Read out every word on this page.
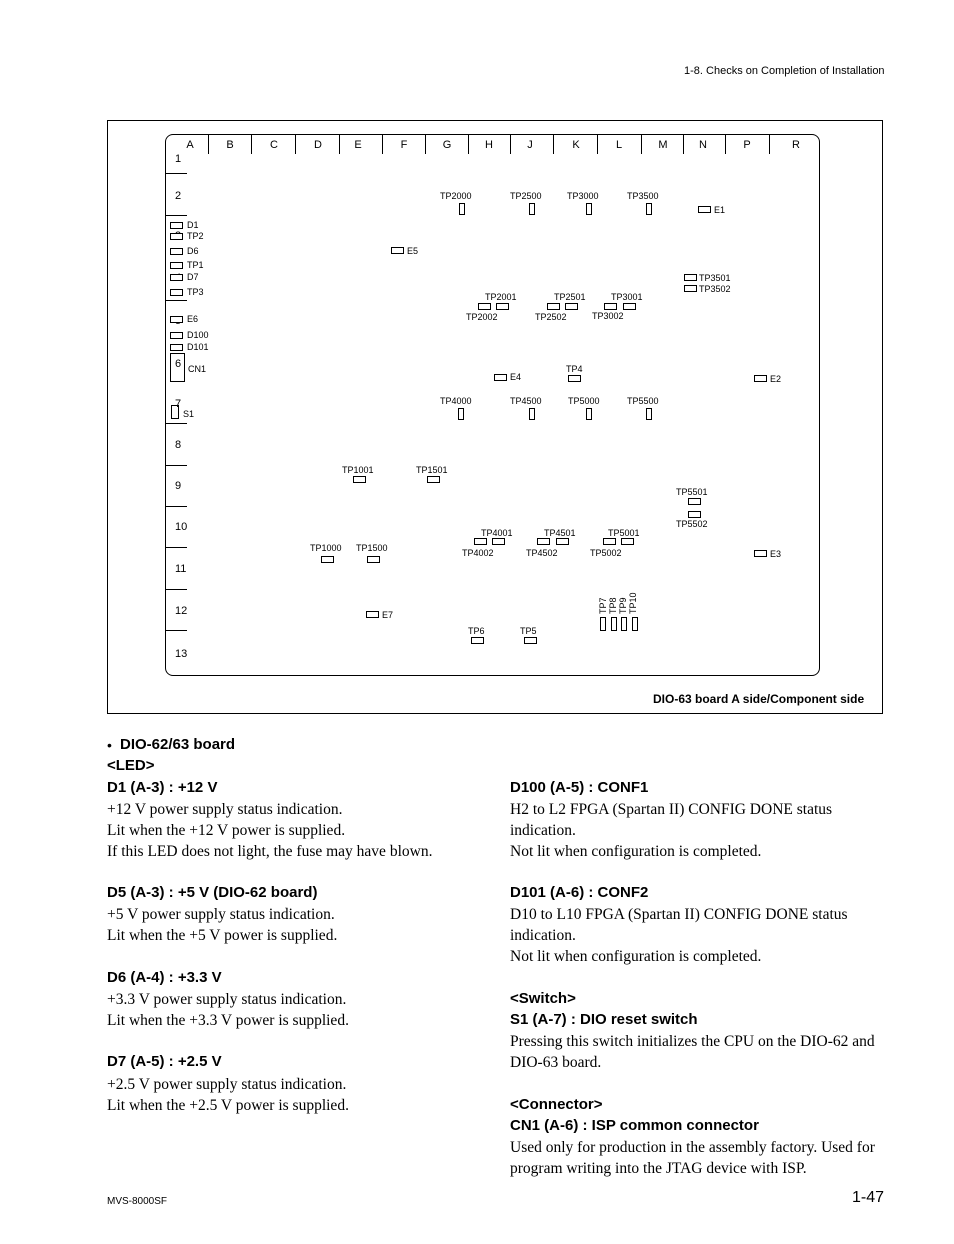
1-8. Checks on Completion of Installation
A	B	C	D	E	F	G	H	J	K	L	M	N	P	R
1
2
6
7
8
9
10
11
12
13
D1
TP2
D6
TP1
D7
TP3
E6
D100
D101
CN1
S1
TP2000	TP2500	TP3000	TP3500
E1
E5
TP3501
TP3502
TP2001
TP2002
TP2501
TP2502
TP3001
TP3002
E4
TP4
E2
TP4000	TP4500	TP5000	TP5500
TP1001	TP1501
TP5501
TP5502
TP4001
TP4002
TP4501
TP4502
TP5001
TP5002
TP1000 TP1500
E3
TP7 TP8 TP9 TP10
E7
TP6	TP5
DIO-63 board A side/Component side
• DIO-62/63 board
<LED>
D1 (A-3) : +12 V
+12 V power supply status indication.
Lit when the +12 V power is supplied.
If this LED does not light, the fuse may have blown.
D5 (A-3) : +5 V (DIO-62 board)
+5 V power supply status indication.
Lit when the +5 V power is supplied.
D6 (A-4) : +3.3 V
+3.3 V power supply status indication.
Lit when the +3.3 V power is supplied.
D7 (A-5) : +2.5 V
+2.5 V power supply status indication.
Lit when the +2.5 V power is supplied.
D100 (A-5) : CONF1
H2 to L2 FPGA (Spartan II) CONFIG DONE status
indication.
Not lit when configuration is completed.
D101 (A-6) : CONF2
D10 to L10 FPGA (Spartan II) CONFIG DONE status
indication.
Not lit when configuration is completed.
<Switch>
S1 (A-7) : DIO reset switch
Pressing this switch initializes the CPU on the DIO-62 and
DIO-63 board.
<Connector>
CN1 (A-6) : ISP common connector
Used only for production in the assembly factory. Used for
program writing into the JTAG device with ISP.
MVS-8000SF	1-47
